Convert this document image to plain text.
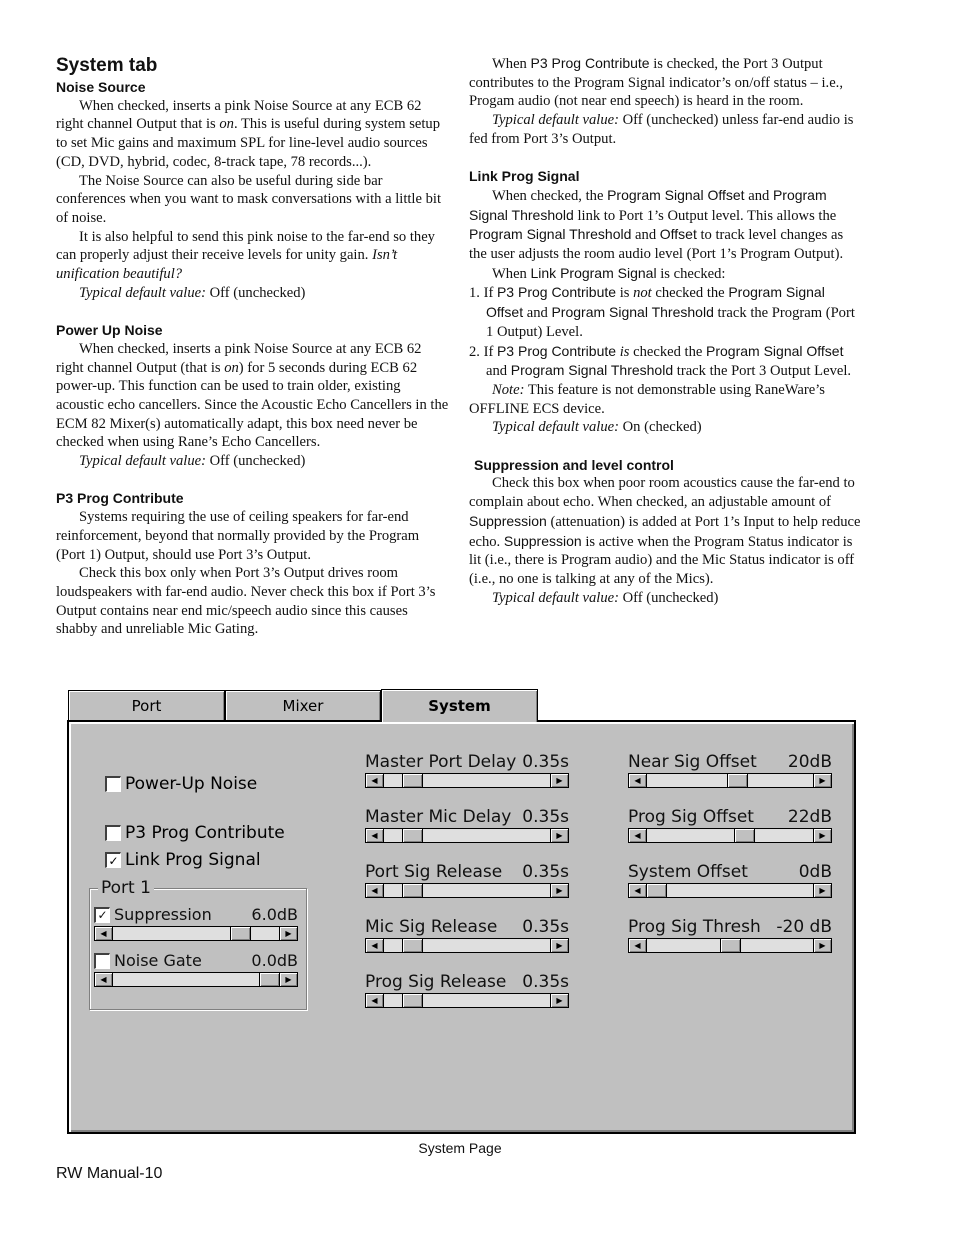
System tab

Noise Source

When checked, inserts a pink Noise Source at any ECB 62 right channel Output that is on. This is useful during system setup to set Mic gains and maximum SPL for line-level audio sources (CD, DVD, hybrid, codec, 8-track tape, 78 records...).

The Noise Source can also be useful during side bar conferences when you want to mask conversations with a little bit of noise.

It is also helpful to send this pink noise to the far-end so they can properly adjust their receive levels for unity gain. Isn’t unification beautiful?

Typical default value: Off (unchecked)

Power Up Noise

When checked, inserts a pink Noise Source at any ECB 62 right channel Output (that is on) for 5 seconds during ECB 62 power-up. This function can be used to train older, existing acoustic echo cancellers. Since the Acoustic Echo Cancellers in the ECM 82 Mixer(s) automatically adapt, this box need never be checked when using Rane’s Echo Cancellers.

Typical default value: Off (unchecked)

P3 Prog Contribute

Systems requiring the use of ceiling speakers for far-end reinforcement, beyond that normally provided by the Program (Port 1) Output, should use Port 3’s Output.

Check this box only when Port 3’s Output drives room loudspeakers with far-end audio. Never check this box if Port 3’s Output contains near end mic/speech audio since this causes shabby and unreliable Mic Gating.

When P3 Prog Contribute is checked, the Port 3 Output contributes to the Program Signal indicator’s on/off status – i.e., Progam audio (not near end speech) is heard in the room.

Typical default value: Off (unchecked) unless far-end audio is fed from Port 3’s Output.

Link Prog Signal

When checked, the Program Signal Offset and Program Signal Threshold link to Port 1’s Output level. This allows the Program Signal Threshold and Offset to track level changes as the user adjusts the room audio level (Port 1’s Program Output).

When Link Program Signal is checked:

1. If P3 Prog Contribute is not checked the Program Signal Offset and Program Signal Threshold track the Program (Port 1 Output) Level.

2. If P3 Prog Contribute is checked the Program Signal Offset and Program Signal Threshold track the Port 3 Output Level.

Note: This feature is not demonstrable using RaneWare’s OFFLINE ECS device.

Typical default value: On (checked)

Suppression and level control

Check this box when poor room acoustics cause the far-end to complain about echo. When checked, an adjustable amount of Suppression (attenuation) is added at Port 1’s Input to help reduce echo. Suppression is active when the Program Status indicator is lit (i.e., there is Program audio) and the Mic Status indicator is off (i.e., no one is talking at any of the Mics).

Typical default value: Off (unchecked)

Port	Mixer	System
Power-Up Noise
P3 Prog Contribute
✓ Link Prog Signal
Port 1
✓ Suppression 6.0dB
◀	▶
Noise Gate	0.0dB
◀	▶
Master Port Delay 0.35s
◀	▶
Master Mic Delay 0.35s
◀	▶
Port Sig Release 0.35s
◀	▶
Mic Sig Release 0.35s
◀	▶
Prog Sig Release 0.35s
◀	▶
Near Sig Offset 20dB
◀	▶
Prog Sig Offset 22dB
◀	▶
System Offset	0dB
◀	▶
Prog Sig Thresh -20 dB
◀	▶
System Page
RW Manual-10
